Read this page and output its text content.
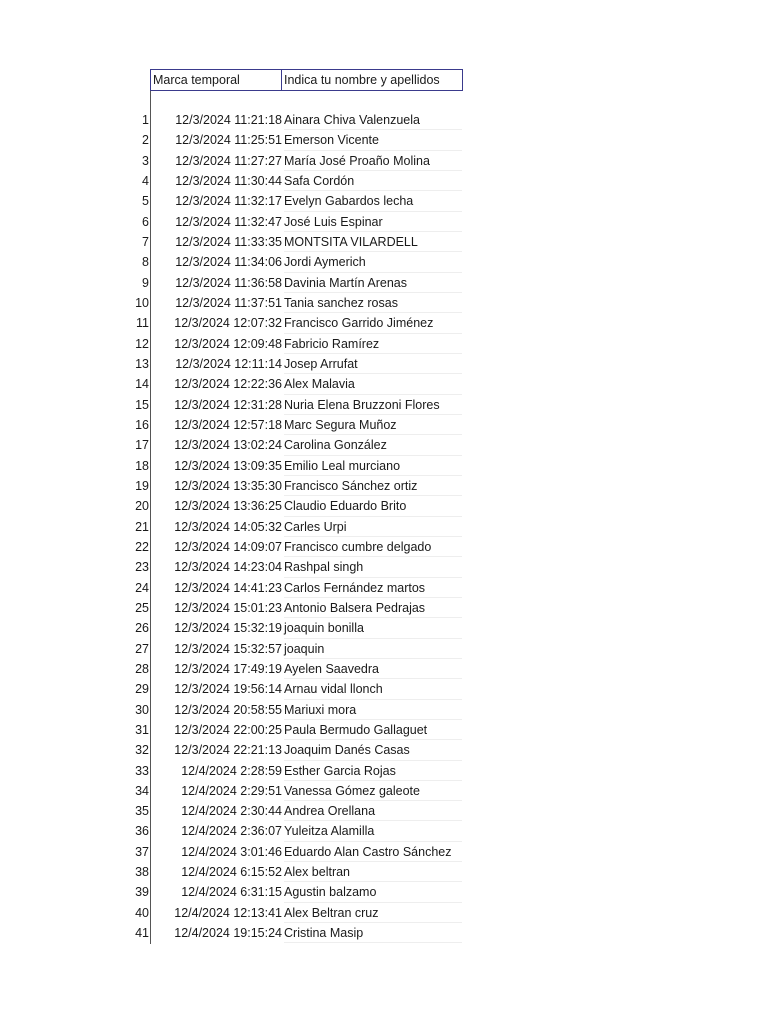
Marca temporal	Indica tu nombre y apellidos
1	12/3/2024 11:21:18 Ainara Chiva Valenzuela
2	12/3/2024 11:25:51 Emerson Vicente
3	12/3/2024 11:27:27 María José Proaño Molina
4	12/3/2024 11:30:44 Safa Cordón
5	12/3/2024 11:32:17 Evelyn Gabardos lecha
6	12/3/2024 11:32:47 José Luis Espinar
7	12/3/2024 11:33:35 MONTSITA VILARDELL
8	12/3/2024 11:34:06 Jordi Aymerich
9	12/3/2024 11:36:58 Davinia Martín Arenas
10	12/3/2024 11:37:51 Tania sanchez rosas
11	12/3/2024 12:07:32 Francisco Garrido Jiménez
12	12/3/2024 12:09:48 Fabricio Ramírez
13	12/3/2024 12:11:14 Josep Arrufat
14	12/3/2024 12:22:36 Alex Malavia
15	12/3/2024 12:31:28 Nuria Elena Bruzzoni Flores
16	12/3/2024 12:57:18 Marc Segura Muñoz
17	12/3/2024 13:02:24 Carolina González
18	12/3/2024 13:09:35 Emilio Leal murciano
19	12/3/2024 13:35:30 Francisco Sánchez ortiz
20	12/3/2024 13:36:25 Claudio Eduardo Brito
21	12/3/2024 14:05:32 Carles Urpi
22	12/3/2024 14:09:07 Francisco cumbre delgado
23	12/3/2024 14:23:04 Rashpal singh
24	12/3/2024 14:41:23 Carlos Fernández martos
25	12/3/2024 15:01:23 Antonio Balsera Pedrajas
26	12/3/2024 15:32:19 joaquin bonilla
27	12/3/2024 15:32:57 joaquin
28	12/3/2024 17:49:19 Ayelen Saavedra
29	12/3/2024 19:56:14 Arnau vidal llonch
30	12/3/2024 20:58:55 Mariuxi mora
31	12/3/2024 22:00:25 Paula Bermudo Gallaguet
32	12/3/2024 22:21:13 Joaquim Danés Casas
33	12/4/2024 2:28:59 Esther Garcia Rojas
34	12/4/2024 2:29:51 Vanessa Gómez galeote
35	12/4/2024 2:30:44 Andrea Orellana
36	12/4/2024 2:36:07 Yuleitza Alamilla
37	12/4/2024 3:01:46 Eduardo Alan Castro Sánchez
38	12/4/2024 6:15:52 Alex beltran
39	12/4/2024 6:31:15 Agustin balzamo
40	12/4/2024 12:13:41 Alex Beltran cruz
41	12/4/2024 19:15:24 Cristina Masip
